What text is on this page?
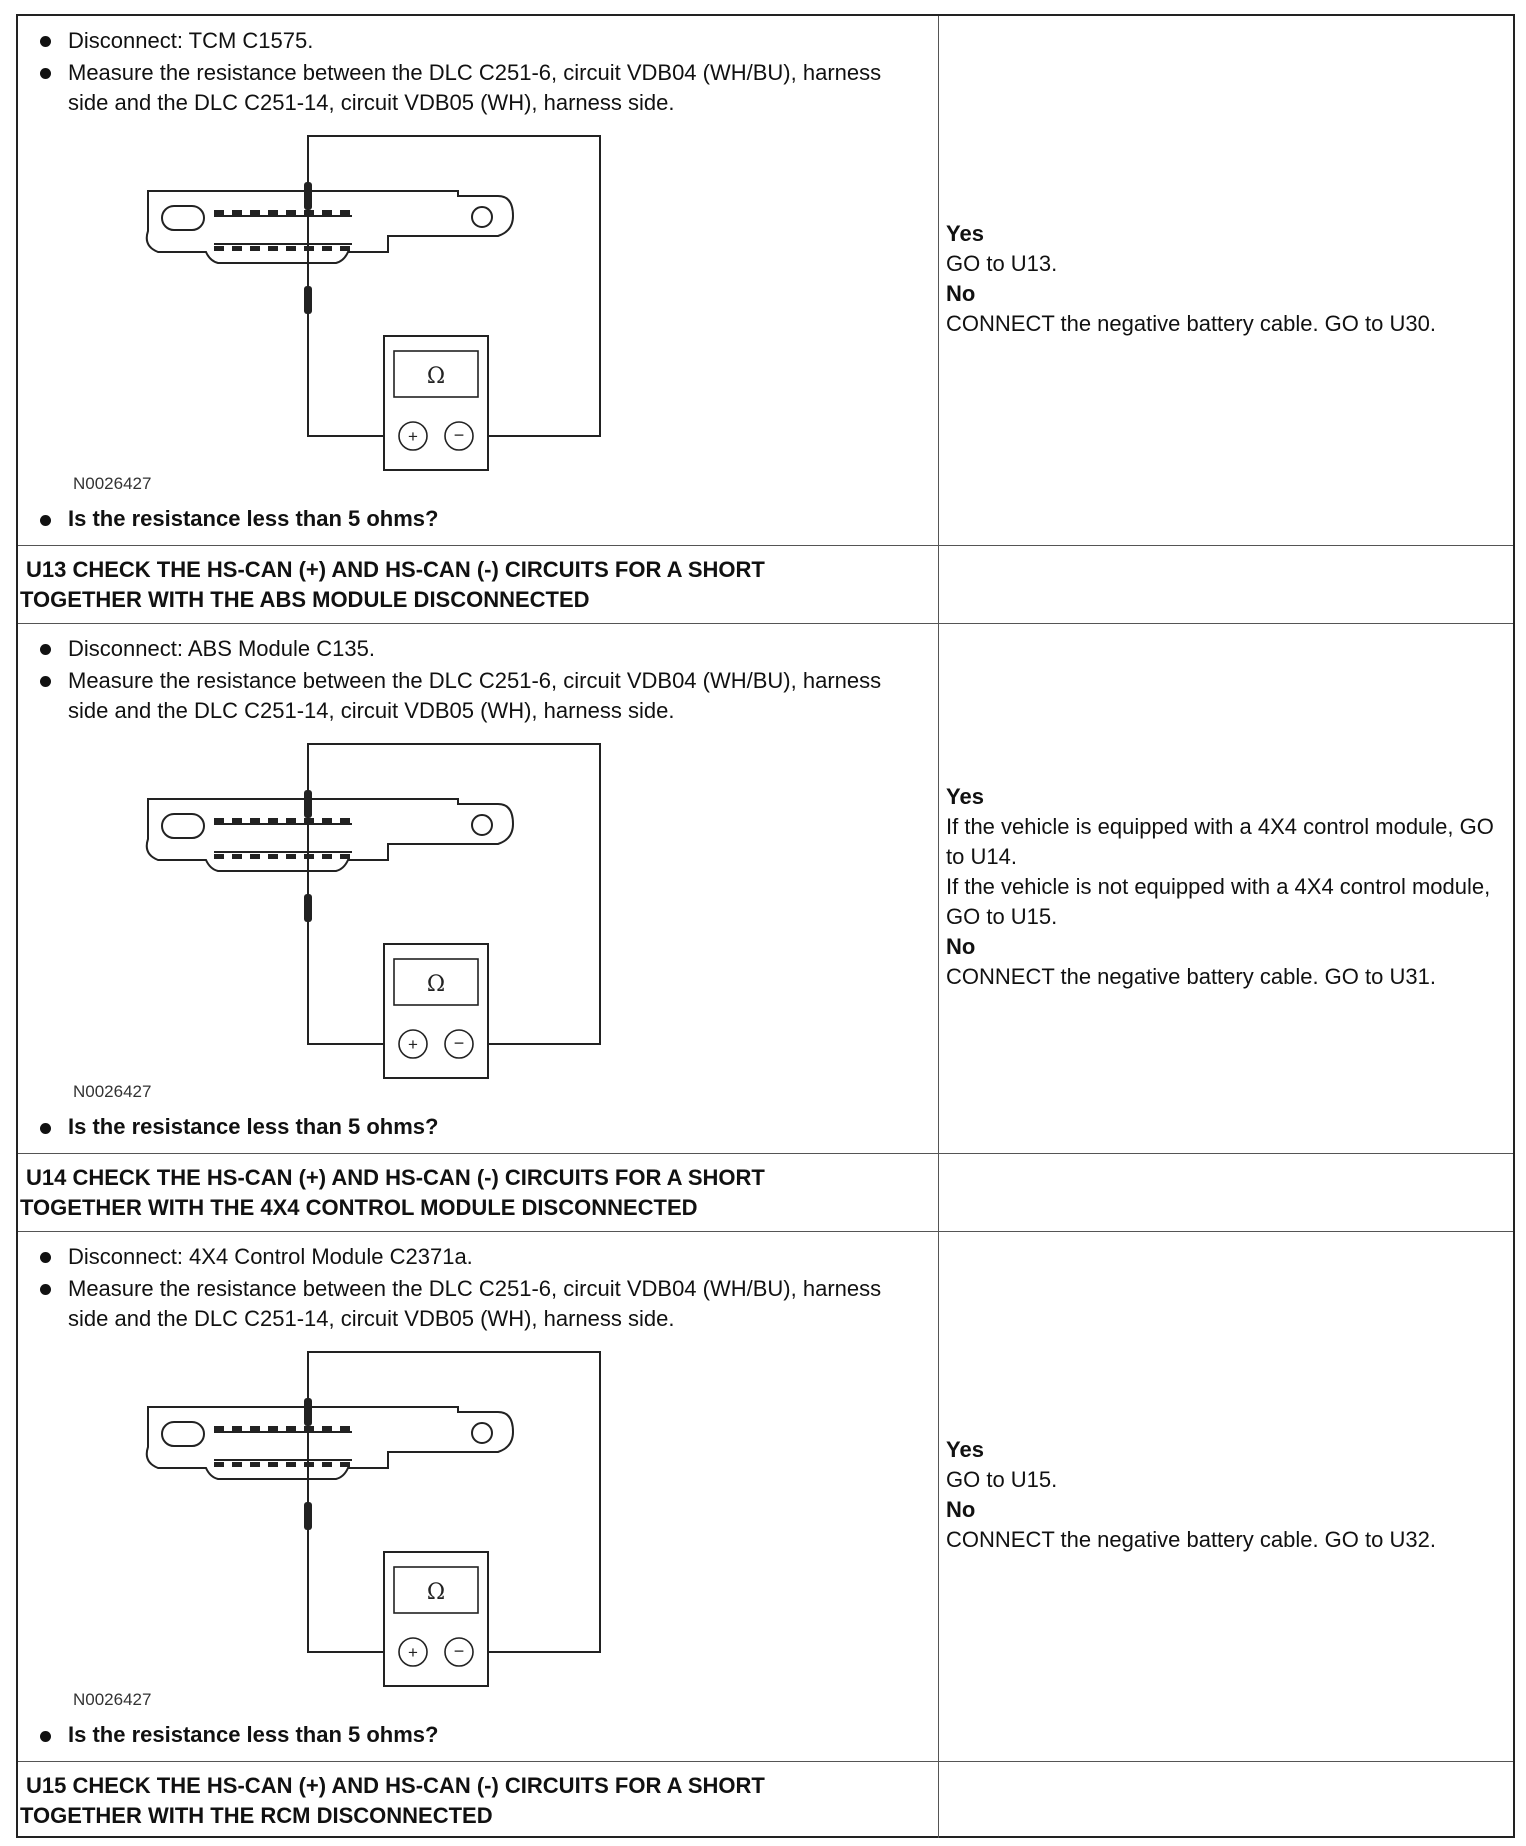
Disconnect: TCM C1575.
Measure the resistance between the DLC C251-6, circuit VDB04 (WH/BU), harness side and the DLC C251-14, circuit VDB05 (WH), harness side.
Ω
+ −
N0026427
Is the resistance less than 5 ohms?
Yes
GO to U13.
No
CONNECT the negative battery cable. GO to U30.
U13 CHECK THE HS-CAN (+) AND HS-CAN (-) CIRCUITS FOR A SHORT
TOGETHER WITH THE ABS MODULE DISCONNECTED
Disconnect: ABS Module C135.
Measure the resistance between the DLC C251-6, circuit VDB04 (WH/BU), harness side and the DLC C251-14, circuit VDB05 (WH), harness side.
Ω
+ −
N0026427
Is the resistance less than 5 ohms?
Yes
If the vehicle is equipped with a 4X4 control module, GO to U14.
If the vehicle is not equipped with a 4X4 control module, GO to U15.
No
CONNECT the negative battery cable. GO to U31.
U14 CHECK THE HS-CAN (+) AND HS-CAN (-) CIRCUITS FOR A SHORT
TOGETHER WITH THE 4X4 CONTROL MODULE DISCONNECTED
Disconnect: 4X4 Control Module C2371a.
Measure the resistance between the DLC C251-6, circuit VDB04 (WH/BU), harness side and the DLC C251-14, circuit VDB05 (WH), harness side.
Ω
+ −
N0026427
Is the resistance less than 5 ohms?
Yes
GO to U15.
No
CONNECT the negative battery cable. GO to U32.
U15 CHECK THE HS-CAN (+) AND HS-CAN (-) CIRCUITS FOR A SHORT
TOGETHER WITH THE RCM DISCONNECTED
